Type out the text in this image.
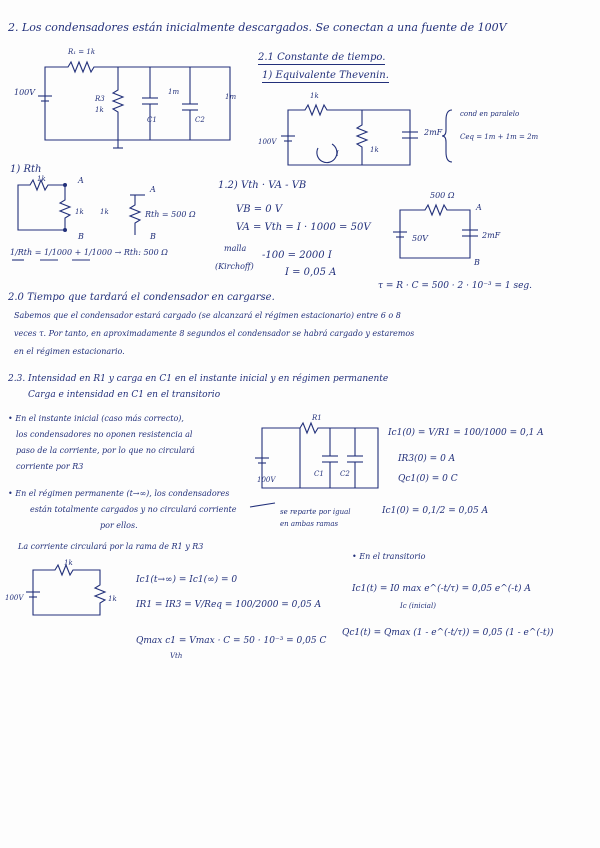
2. Los condensadores están inicialmente descargados. Se conectan a una fuente de 100V
R₁ = 1k
100V
R3
1k
C1	C2
1m
1m
2.1 Constante de tiempo.
1) Equivalente Thevenin.
1k
100V
1k
I
2mF
cond en paralelo
Ceq = 1m + 1m = 2m
1) Rth
1k	A
1k 1k
B
A
Rth = 500 Ω
B
1/Rth = 1/1000 + 1/1000 → Rth: 500 Ω
1.2) Vth · VA - VB
VB = 0 V
VA = Vth = I · 1000 = 50V
malla
(Kirchoff)
-100 = 2000 I
I = 0,05 A
500 Ω
A
50V	2mF
B
τ = R · C = 500 · 2 · 10⁻³ = 1 seg.
2.0 Tiempo que tardará el condensador en cargarse.
Sabemos que el condensador estará cargado (se alcanzará el régimen estacionario) entre 6 o 8
veces τ. Por tanto, en aproximadamente 8 segundos el condensador se habrá cargado y estaremos
en el régimen estacionario.
2.3. Intensidad en R1 y carga en C1 en el instante inicial y en régimen permanente
Carga e intensidad en C1 en el transitorio
• En el instante inicial (caso más correcto),
los condensadores no oponen resistencia al
paso de la corriente, por lo que no circulará
corriente por R3
R1
100V
C1 C2
Ic1(0) = V/R1 = 100/1000 = 0,1 A
IR3(0) = 0 A
Qc1(0) = 0 C
• En el régimen permanente (t→∞), los condensadores
están totalmente cargados y no circulará corriente
por ellos.
se reparte por igual
en ambas ramas
Ic1(0) = 0,1/2 = 0,05 A
La corriente circulará por la rama de R1 y R3
1k
100V	1k
Ic1(t→∞) = Ic1(∞) = 0
IR1 = IR3 = V/Req = 100/2000 = 0,05 A
Qmax c1 = Vmax · C = 50 · 10⁻³ = 0,05 C
Vth
• En el transitorio
Ic1(t) = I0 max e^(-t/τ) = 0,05 e^(-t) A
Ic (inicial)
Qc1(t) = Qmax (1 - e^(-t/τ)) = 0,05 (1 - e^(-t))
